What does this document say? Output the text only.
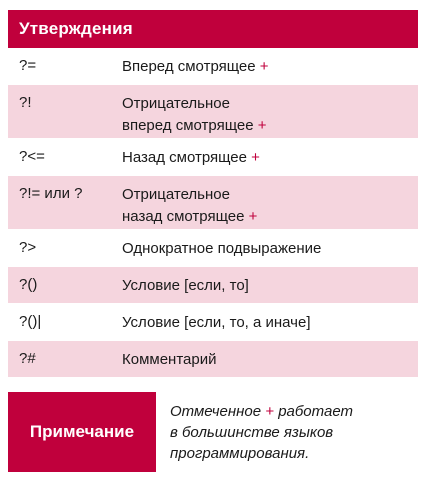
Утверждения
?=	Вперед смотрящее +
?!	Отрицательное
вперед смотрящее +
?<=	Назад смотрящее +
?!= или ?	Отрицательное
назад смотрящее +
?>	Однократное подвыражение
?()	Условие [если, то]
?()|	Условие [если, то, а иначе]
?#	Комментарий
Примечание
Отмеченное + работает
в большинстве языков
программирования.
